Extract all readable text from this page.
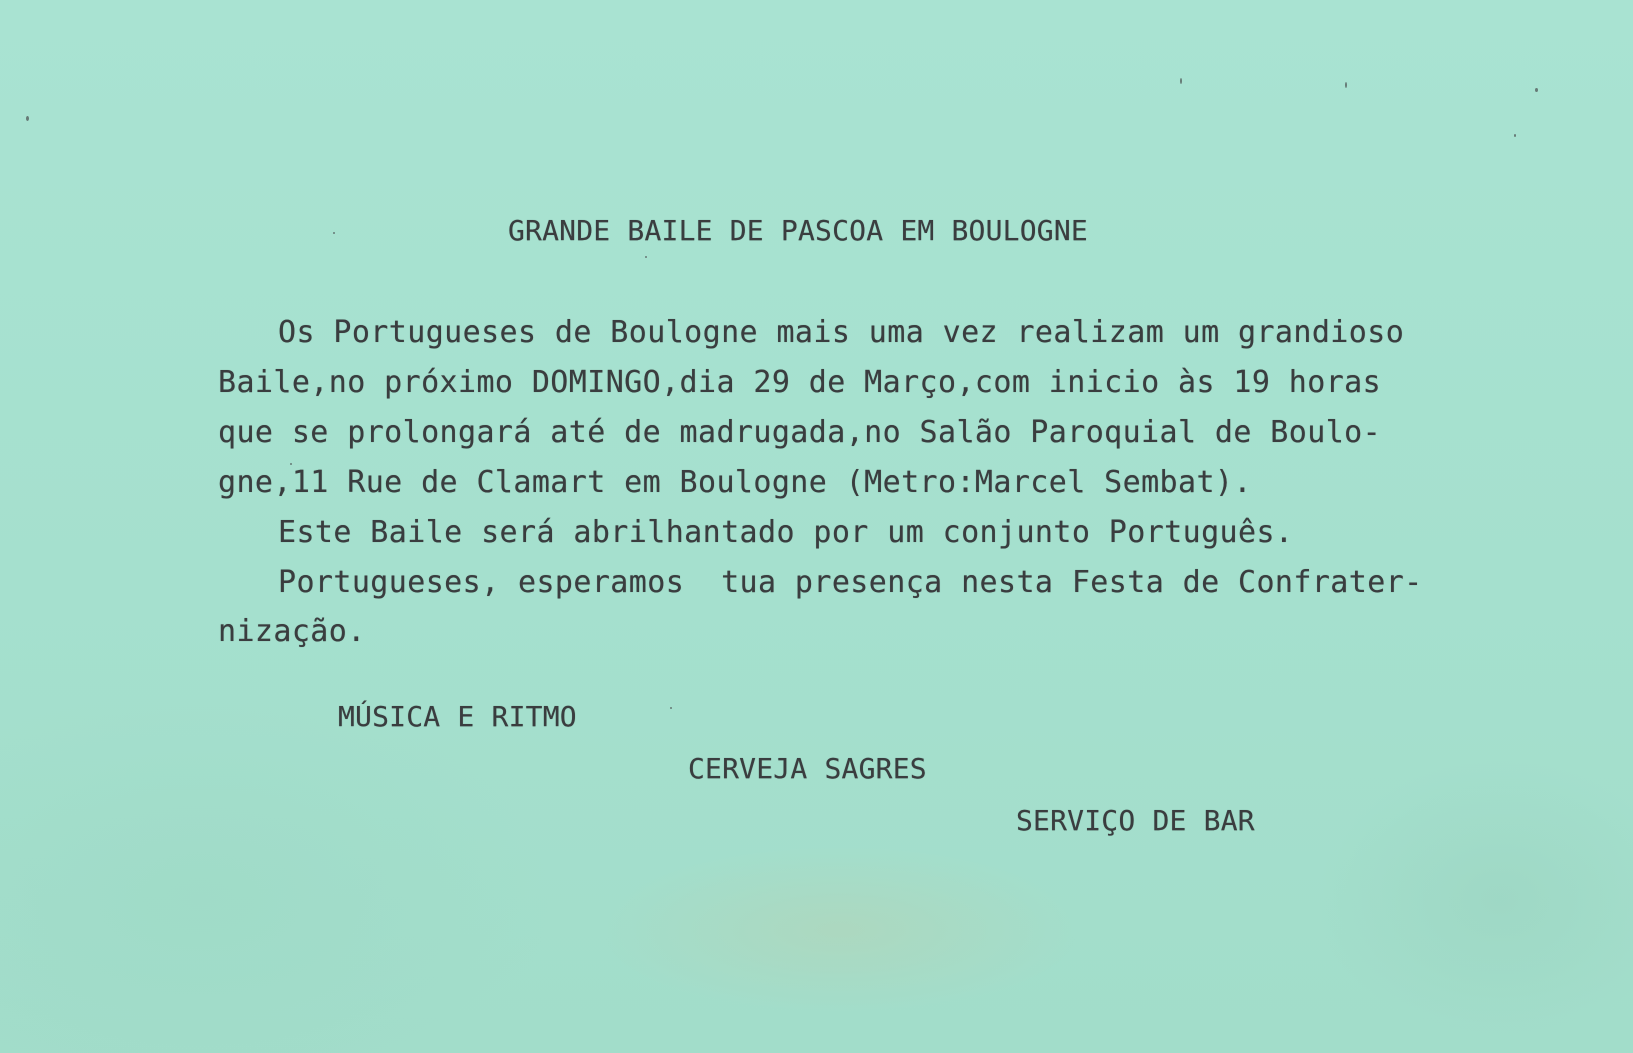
GRANDE BAILE DE PASCOA EM BOULOGNE
Os Portugueses de Boulogne mais uma vez realizam um grandioso
Baile,no próximo DOMINGO,dia 29 de Março,com inicio às 19 horas
que se prolongará até de madrugada,no Salão Paroquial de Boulo-
gne,11 Rue de Clamart em Boulogne (Metro:Marcel Sembat).
Este Baile será abrilhantado por um conjunto Português.
Portugueses, esperamos  tua presença nesta Festa de Confrater-
nização.
MÚSICA E RITMO
CERVEJA SAGRES
SERVIÇO DE BAR
